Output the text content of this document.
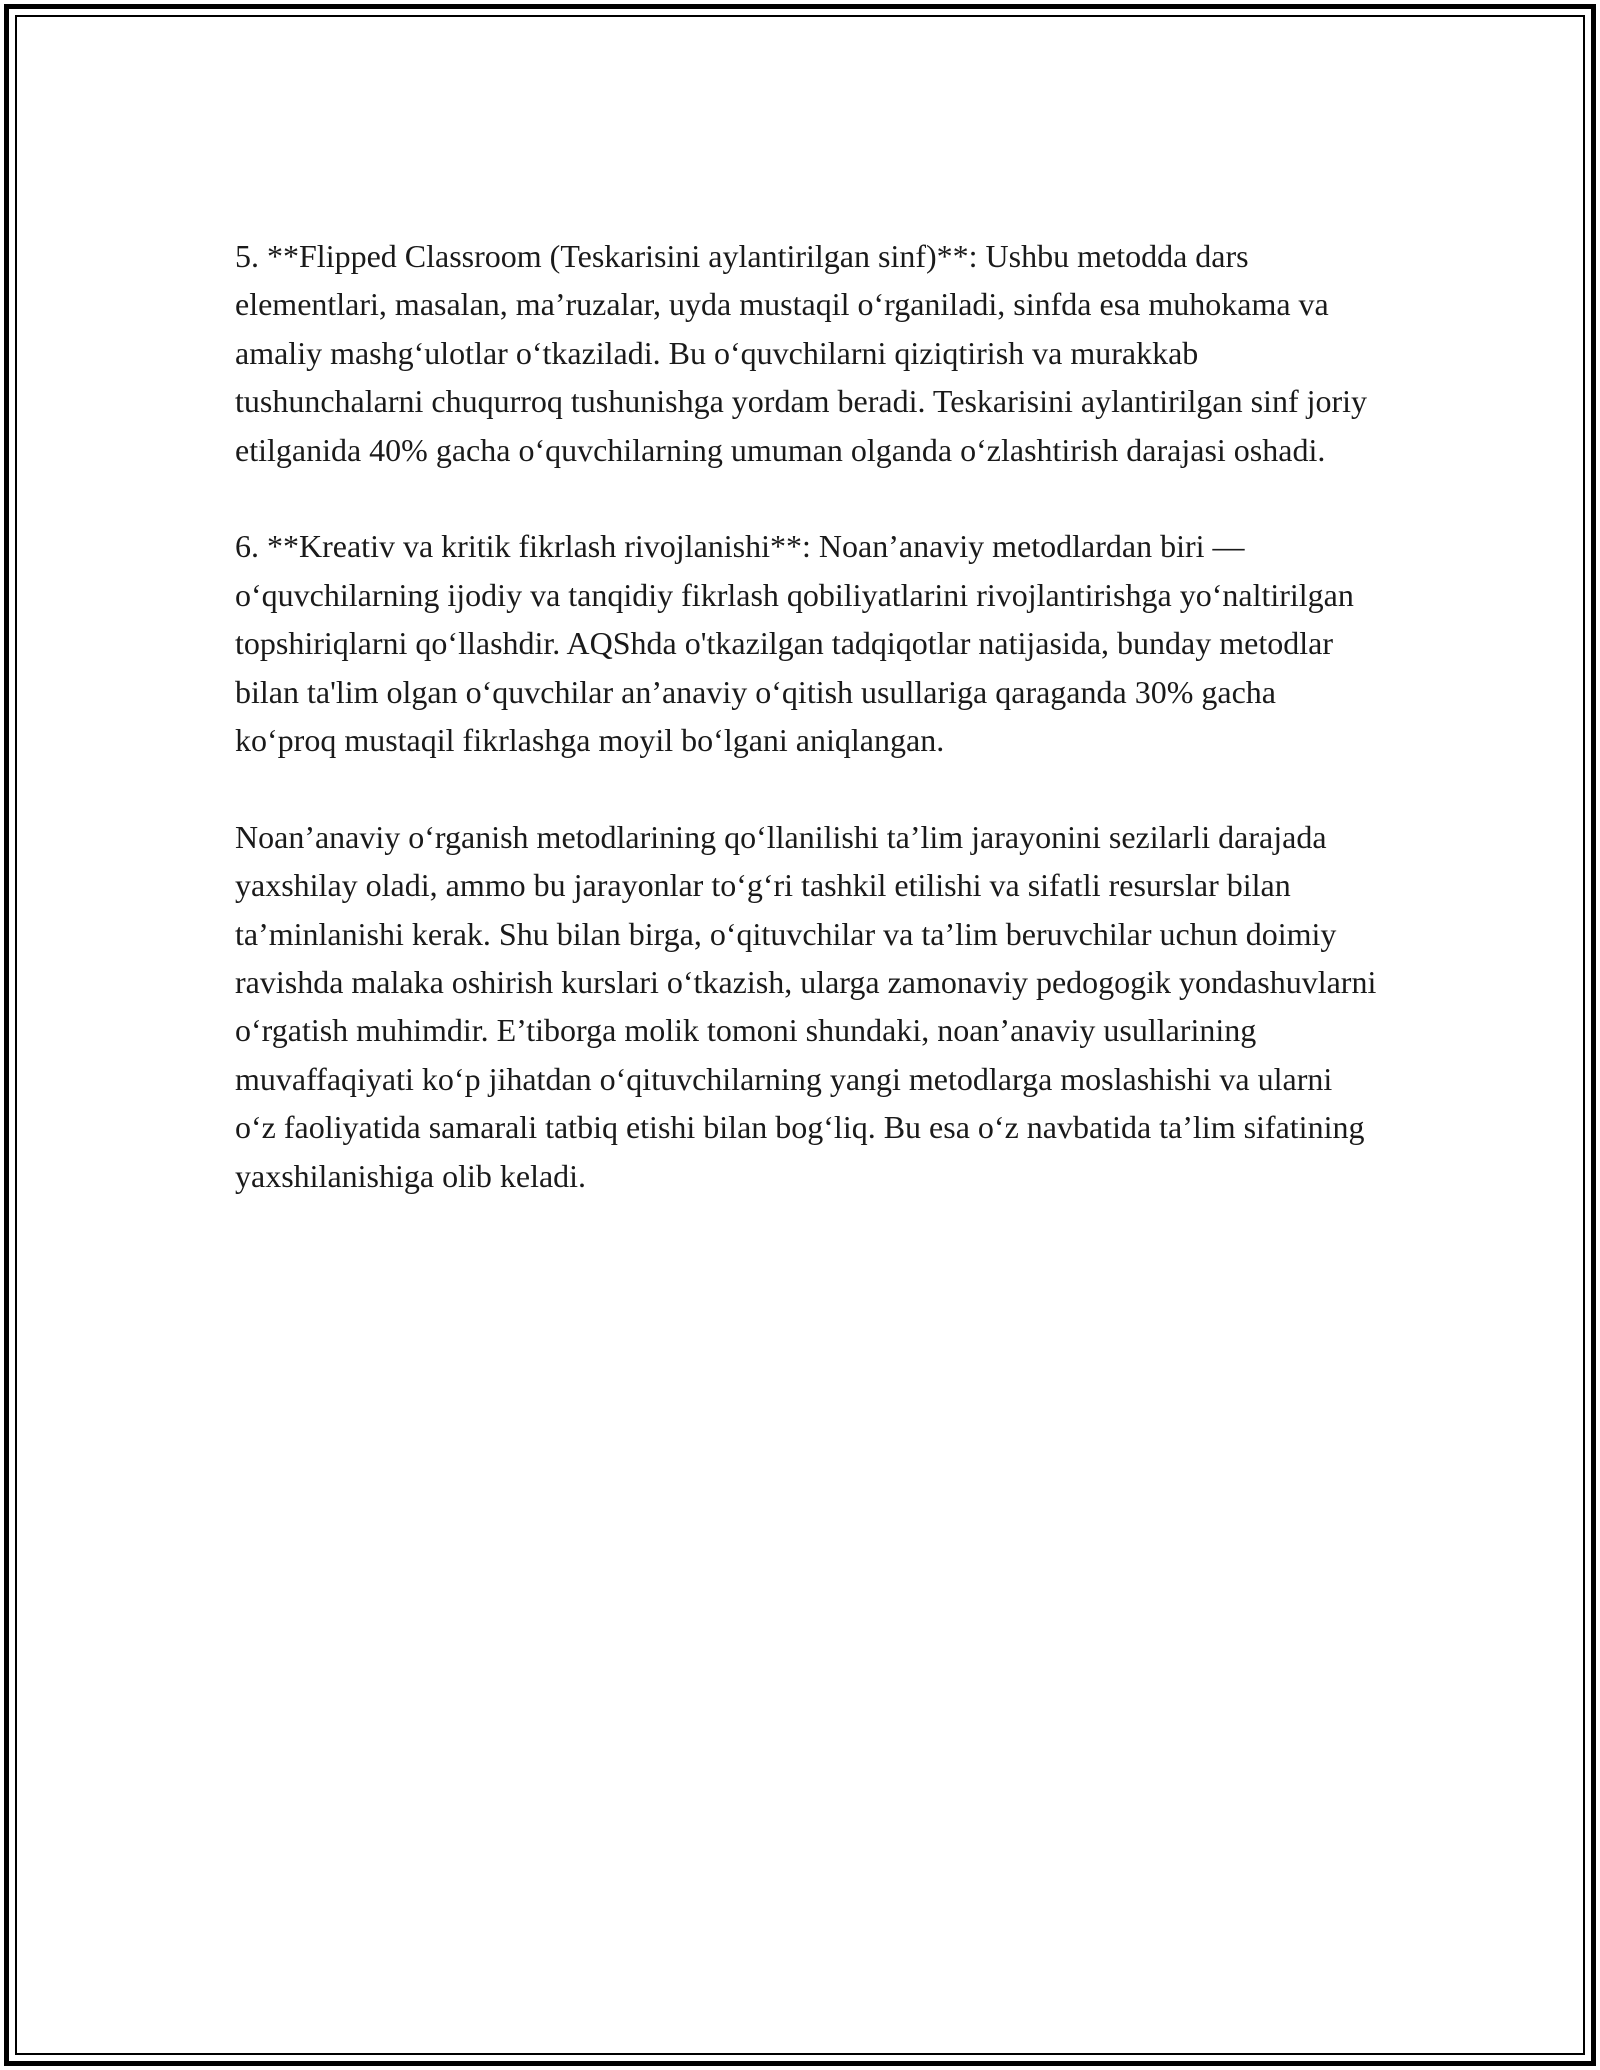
5. **Flipped Classroom (Teskarisini aylantirilgan sinf)**: Ushbu metodda dars elementlari, masalan, ma’ruzalar, uyda mustaqil o‘rganiladi, sinfda esa muhokama va amaliy mashg‘ulotlar o‘tkaziladi. Bu o‘quvchilarni qiziqtirish va murakkab tushunchalarni chuqurroq tushunishga yordam beradi. Teskarisini aylantirilgan sinf joriy etilganida 40% gacha o‘quvchilarning umuman olganda o‘zlashtirish darajasi oshadi.

6. **Kreativ va kritik fikrlash rivojlanishi**: Noan’anaviy metodlardan biri — o‘quvchilarning ijodiy va tanqidiy fikrlash qobiliyatlarini rivojlantirishga yo‘naltirilgan topshiriqlarni qo‘llashdir. AQShda o'tkazilgan tadqiqotlar natijasida, bunday metodlar bilan ta'lim olgan o‘quvchilar an’anaviy o‘qitish usullariga qaraganda 30% gacha ko‘proq mustaqil fikrlashga moyil bo‘lgani aniqlangan.

Noan’anaviy o‘rganish metodlarining qo‘llanilishi ta’lim jarayonini sezilarli darajada yaxshilay oladi, ammo bu jarayonlar to‘g‘ri tashkil etilishi va sifatli resurslar bilan ta’minlanishi kerak. Shu bilan birga, o‘qituvchilar va ta’lim beruvchilar uchun doimiy ravishda malaka oshirish kurslari o‘tkazish, ularga zamonaviy pedogogik yondashuvlarni o‘rgatish muhimdir. E’tiborga molik tomoni shundaki, noan’anaviy usullarining muvaffaqiyati ko‘p jihatdan o‘qituvchilarning yangi metodlarga moslashishi va ularni o‘z faoliyatida samarali tatbiq etishi bilan bog‘liq. Bu esa o‘z navbatida ta’lim sifatining yaxshilanishiga olib keladi.
